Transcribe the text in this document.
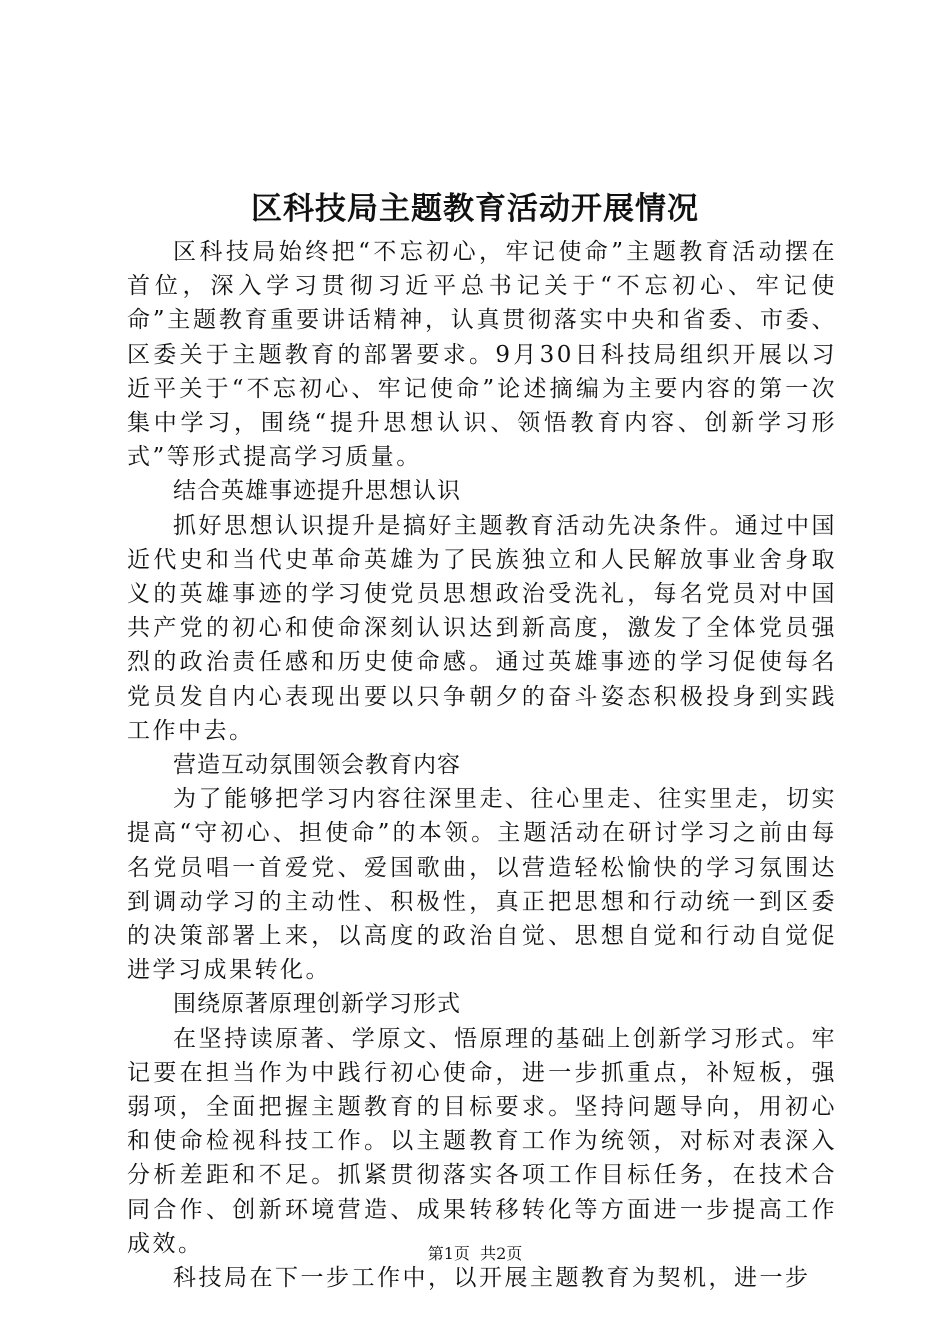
区科技局主题教育活动开展情况

区科技局始终把“不忘初心，牢记使命”主题教育活动摆在首位，深入学习贯彻习近平总书记关于“不忘初心、牢记使命”主题教育重要讲话精神，认真贯彻落实中央和省委、市委、区委关于主题教育的部署要求。9月30日科技局组织开展以习近平关于“不忘初心、牢记使命”论述摘编为主要内容的第一次集中学习，围绕“提升思想认识、领悟教育内容、创新学习形式”等形式提高学习质量。

结合英雄事迹提升思想认识

抓好思想认识提升是搞好主题教育活动先决条件。通过中国近代史和当代史革命英雄为了民族独立和人民解放事业舍身取义的英雄事迹的学习使党员思想政治受洗礼，每名党员对中国共产党的初心和使命深刻认识达到新高度，激发了全体党员强烈的政治责任感和历史使命感。通过英雄事迹的学习促使每名党员发自内心表现出要以只争朝夕的奋斗姿态积极投身到实践工作中去。

营造互动氛围领会教育内容

为了能够把学习内容往深里走、往心里走、往实里走，切实提高“守初心、担使命”的本领。主题活动在研讨学习之前由每名党员唱一首爱党、爱国歌曲，以营造轻松愉快的学习氛围达到调动学习的主动性、积极性，真正把思想和行动统一到区委的决策部署上来，以高度的政治自觉、思想自觉和行动自觉促进学习成果转化。

围绕原著原理创新学习形式

在坚持读原著、学原文、悟原理的基础上创新学习形式。牢记要在担当作为中践行初心使命，进一步抓重点，补短板，强弱项，全面把握主题教育的目标要求。坚持问题导向，用初心和使命检视科技工作。以主题教育工作为统领，对标对表深入分析差距和不足。抓紧贯彻落实各项工作目标任务，在技术合同合作、创新环境营造、成果转移转化等方面进一步提高工作成效。

科技局在下一步工作中，以开展主题教育为契机，进一步

第1页 共2页
